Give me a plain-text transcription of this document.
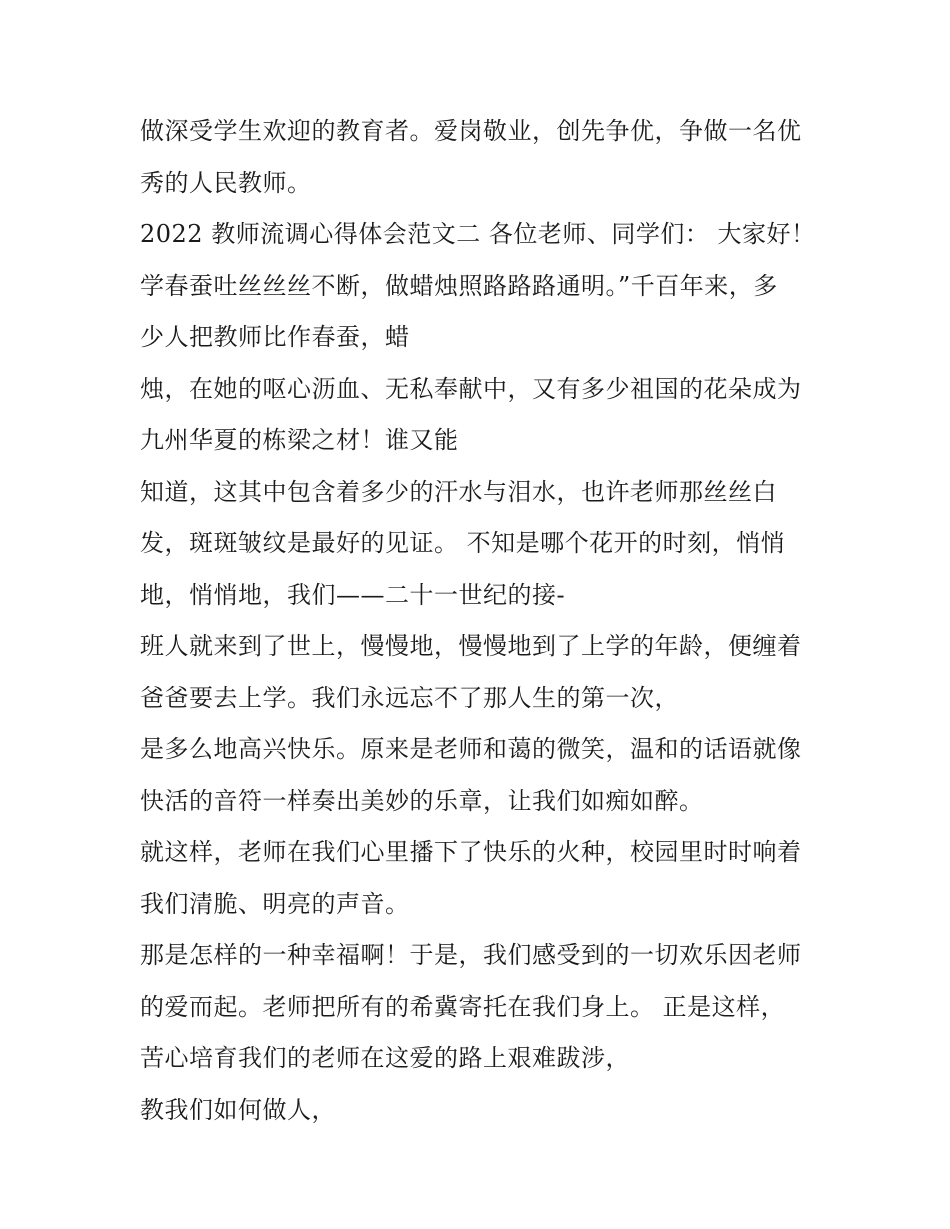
做深受学生欢迎的教育者。爱岗敬业，创先争优，争做一名优
秀的人民教师。
2022 教师流调心得体会范文二 各位老师、同学们： 大家好！
学春蚕吐丝丝丝不断，做蜡烛照路路路通明。”千百年来，多
少人把教师比作春蚕，蜡
烛，在她的呕心沥血、无私奉献中，又有多少祖国的花朵成为
九州华夏的栋梁之材！谁又能
知道，这其中包含着多少的汗水与泪水，也许老师那丝丝白
发，斑斑皱纹是最好的见证。 不知是哪个花开的时刻，悄悄
地，悄悄地，我们——二十一世纪的接-
班人就来到了世上，慢慢地，慢慢地到了上学的年龄，便缠着
爸爸要去上学。我们永远忘不了那人生的第一次，
是多么地高兴快乐。原来是老师和蔼的微笑，温和的话语就像
快活的音符一样奏出美妙的乐章，让我们如痴如醉。
就这样，老师在我们心里播下了快乐的火种，校园里时时响着
我们清脆、明亮的声音。
那是怎样的一种幸福啊！于是，我们感受到的一切欢乐因老师
的爱而起。老师把所有的希冀寄托在我们身上。 正是这样，
苦心培育我们的老师在这爱的路上艰难跋涉，
教我们如何做人，
